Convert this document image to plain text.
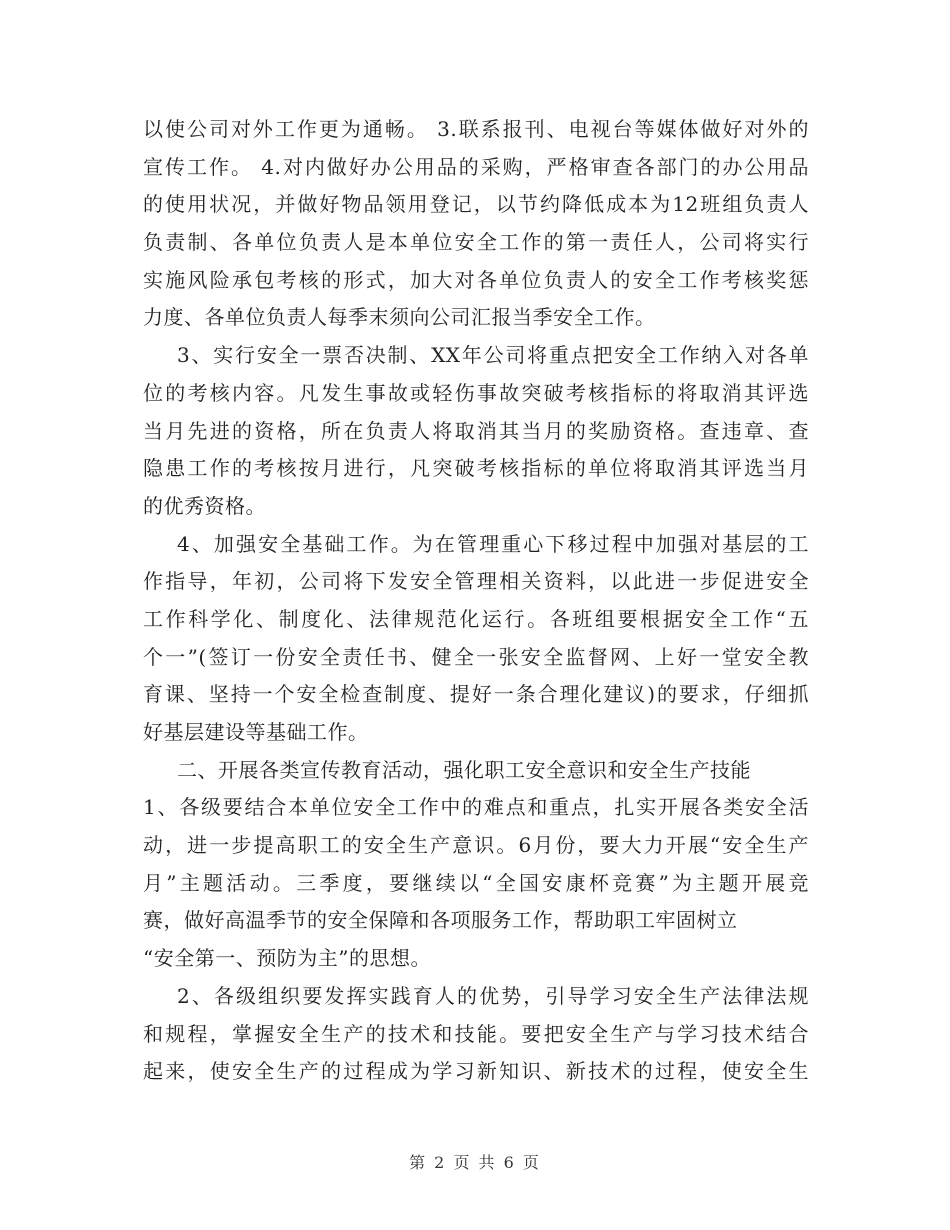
以使公司对外工作更为通畅。 3.联系报刊、电视台等媒体做好对外的
宣传工作。 4.对内做好办公用品的采购，严格审查各部门的办公用品
的使用状况，并做好物品领用登记，以节约降低成本为12班组负责人
负责制、各单位负责人是本单位安全工作的第一责任人，公司将实行
实施风险承包考核的形式，加大对各单位负责人的安全工作考核奖惩
力度、各单位负责人每季末须向公司汇报当季安全工作。
3、实行安全一票否决制、XX年公司将重点把安全工作纳入对各单
位的考核内容。凡发生事故或轻伤事故突破考核指标的将取消其评选
当月先进的资格，所在负责人将取消其当月的奖励资格。查违章、查
隐患工作的考核按月进行，凡突破考核指标的单位将取消其评选当月
的优秀资格。
4、加强安全基础工作。为在管理重心下移过程中加强对基层的工
作指导，年初，公司将下发安全管理相关资料，以此进一步促进安全
工作科学化、制度化、法律规范化运行。各班组要根据安全工作“五
个一”(签订一份安全责任书、健全一张安全监督网、上好一堂安全教
育课、坚持一个安全检查制度、提好一条合理化建议)的要求，仔细抓
好基层建设等基础工作。
二、开展各类宣传教育活动，强化职工安全意识和安全生产技能
1、各级要结合本单位安全工作中的难点和重点，扎实开展各类安全活
动，进一步提高职工的安全生产意识。6月份，要大力开展“安全生产
月”主题活动。三季度，要继续以“全国安康杯竞赛”为主题开展竞
赛，做好高温季节的安全保障和各项服务工作，帮助职工牢固树立
“安全第一、预防为主”的思想。
2、各级组织要发挥实践育人的优势，引导学习安全生产法律法规
和规程，掌握安全生产的技术和技能。要把安全生产与学习技术结合
起来，使安全生产的过程成为学习新知识、新技术的过程，使安全生
第 2 页 共 6 页
